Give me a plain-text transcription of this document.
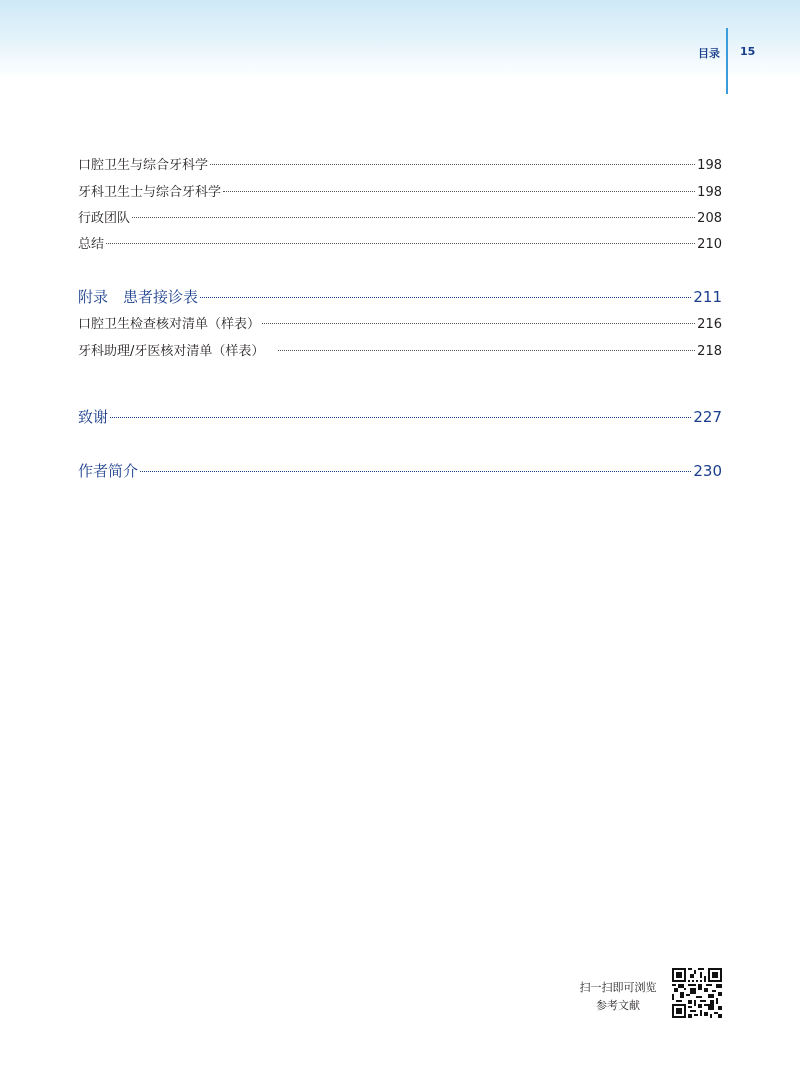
目录 15
口腔卫生与综合牙科学	198
牙科卫生士与综合牙科学	198
行政团队	208
总结	210
附录　患者接诊表	211
口腔卫生检查核对清单（样表）	216
牙科助理/牙医核对清单（样表）	218
致谢	227
作者简介	230
扫一扫即可浏览
参考文献
